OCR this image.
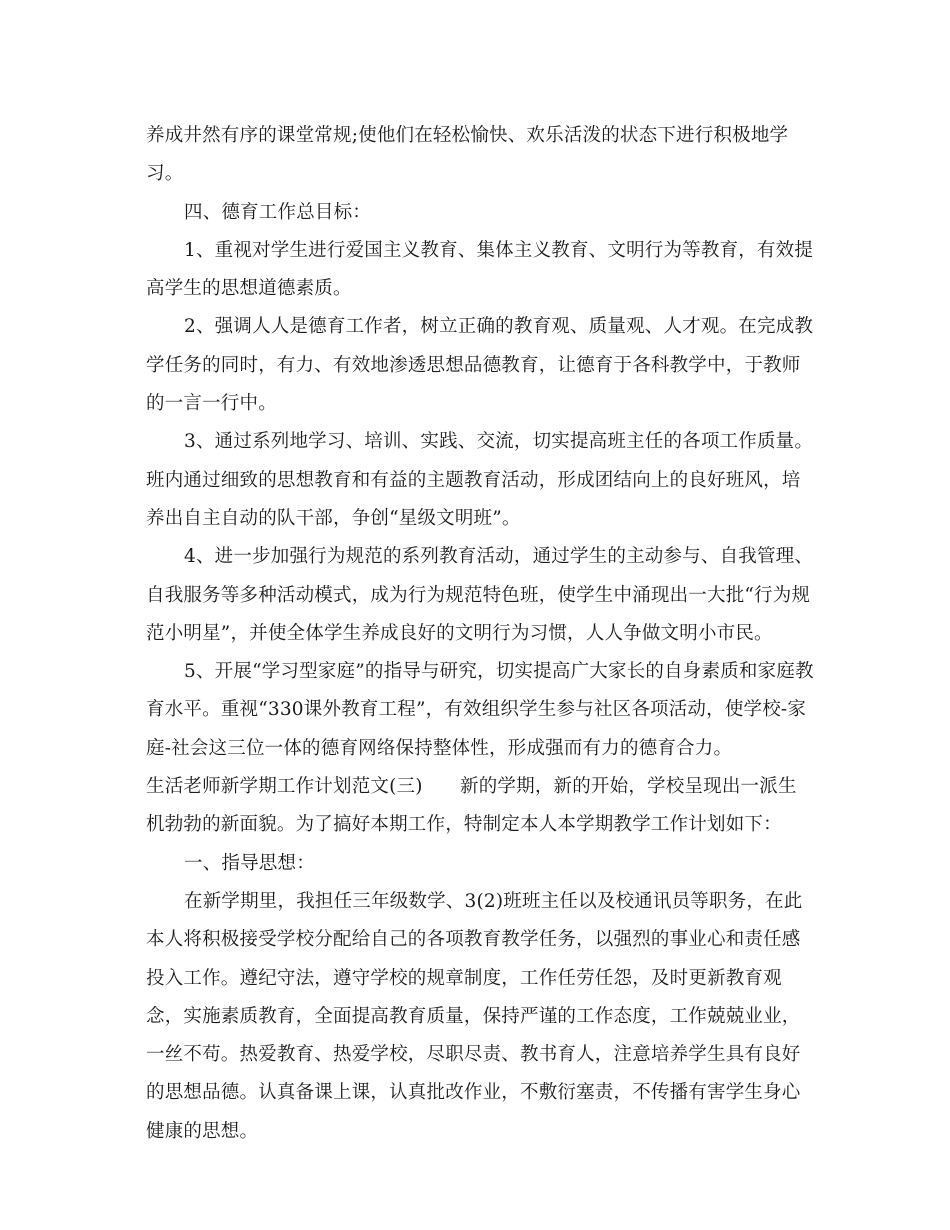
养成井然有序的课堂常规;使他们在轻松愉快、欢乐活泼的状态下进行积极地学
习。
四、德育工作总目标：
1、重视对学生进行爱国主义教育、集体主义教育、文明行为等教育，有效提
高学生的思想道德素质。
2、强调人人是德育工作者，树立正确的教育观、质量观、人才观。在完成教
学任务的同时，有力、有效地渗透思想品德教育，让德育于各科教学中，于教师
的一言一行中。
3、通过系列地学习、培训、实践、交流，切实提高班主任的各项工作质量。
班内通过细致的思想教育和有益的主题教育活动，形成团结向上的良好班风，培
养出自主自动的队干部，争创“星级文明班”。
4、进一步加强行为规范的系列教育活动，通过学生的主动参与、自我管理、
自我服务等多种活动模式，成为行为规范特色班，使学生中涌现出一大批“行为规
范小明星”，并使全体学生养成良好的文明行为习惯，人人争做文明小市民。
5、开展“学习型家庭”的指导与研究，切实提高广大家长的自身素质和家庭教
育水平。重视“330课外教育工程”，有效组织学生参与社区各项活动，使学校-家
庭-社会这三位一体的德育网络保持整体性，形成强而有力的德育合力。
生活老师新学期工作计划范文(三)　　新的学期，新的开始，学校呈现出一派生
机勃勃的新面貌。为了搞好本期工作，特制定本人本学期教学工作计划如下：
一、指导思想：
在新学期里，我担任三年级数学、3(2)班班主任以及校通讯员等职务，在此
本人将积极接受学校分配给自己的各项教育教学任务，以强烈的事业心和责任感
投入工作。遵纪守法，遵守学校的规章制度，工作任劳任怨，及时更新教育观
念，实施素质教育，全面提高教育质量，保持严谨的工作态度，工作兢兢业业，
一丝不苟。热爱教育、热爱学校，尽职尽责、教书育人，注意培养学生具有良好
的思想品德。认真备课上课，认真批改作业，不敷衍塞责，不传播有害学生身心
健康的思想。
